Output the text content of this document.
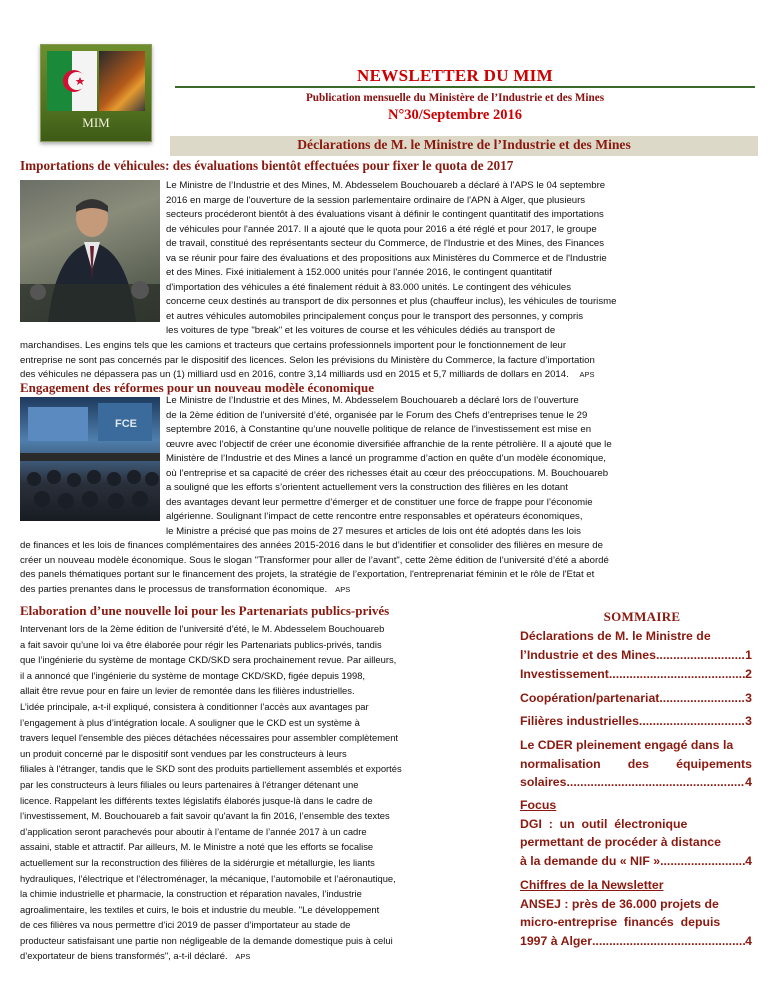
MIM
NEWSLETTER DU MIM
Publication mensuelle du Ministère de l’Industrie et des Mines
N°30/Septembre 2016
Déclarations de M. le Ministre de l’Industrie et des Mines
Importations de véhicules: des évaluations bientôt effectuées pour fixer le quota de 2017
Le Ministre de l’Industrie et des Mines, M. Abdesselem Bouchouareb a déclaré à l'APS le 04 septembre
2016 en marge de l'ouverture de la session parlementaire ordinaire de l'APN à Alger, que plusieurs
secteurs procéderont bientôt à des évaluations visant à définir le contingent quantitatif des importations
de véhicules pour l'année 2017. Il a ajouté que le quota pour 2016 a été réglé et pour 2017, le groupe
de travail, constitué des représentants secteur du Commerce, de l'Industrie et des Mines, des Finances
va se réunir pour faire des évaluations et des propositions aux Ministères du Commerce et de l'Industrie
et des Mines. Fixé initialement à 152.000 unités pour l'année 2016, le contingent quantitatif
d'importation des véhicules a été finalement réduit à 83.000 unités. Le contingent des véhicules
concerne ceux destinés au transport de dix personnes et plus (chauffeur inclus), les véhicules de tourisme
et autres véhicules automobiles principalement conçus pour le transport des personnes, y compris
les voitures de type "break" et les voitures de course et les véhicules dédiés au transport de
marchandises. Les engins tels que les camions et tracteurs que certains professionnels importent pour le fonctionnement de leur
entreprise ne sont pas concernés par le dispositif des licences. Selon les prévisions du Ministère du Commerce, la facture d’importation
des véhicules ne dépassera pas un (1) milliard usd en 2016, contre 3,14 milliards usd en 2015 et 5,7 milliards de dollars en 2014. APS
Engagement des réformes pour un nouveau modèle économique
FCE
Le Ministre de l’Industrie et des Mines, M. Abdesselem Bouchouareb a déclaré lors de l’ouverture
de la 2ème édition de l’université d’été, organisée par le Forum des Chefs d’entreprises tenue le 29
septembre 2016, à Constantine qu’une nouvelle politique de relance de l’investissement est mise en
œuvre avec l’objectif de créer une économie diversifiée affranchie de la rente pétrolière. Il a ajouté que le
Ministère de l’Industrie et des Mines a lancé un programme d’action en quête d’un modèle économique,
où l’entreprise et sa capacité de créer des richesses était au cœur des préoccupations. M. Bouchouareb
a souligné que les efforts s’orientent actuellement vers la construction des filières en les dotant
des avantages devant leur permettre d’émerger et de constituer une force de frappe pour l’économie
algérienne. Soulignant l’impact de cette rencontre entre responsables et opérateurs économiques,
le Ministre a précisé que pas moins de 27 mesures et articles de lois ont été adoptés dans les lois
de finances et les lois de finances complémentaires des années 2015-2016 dans le but d’identifier et consolider des filières en mesure de
créer un nouveau modèle économique. Sous le slogan "Transformer pour aller de l’avant", cette 2ème édition de l’université d’été a abordé
des panels thématiques portant sur le financement des projets, la stratégie de l’exportation, l'entreprenariat féminin et le rôle de l'Etat et
des parties prenantes dans le processus de transformation économique. APS
Elaboration d’une nouvelle loi pour les Partenariats publics-privés
Intervenant lors de la 2ème édition de l’université d’été, le M. Abdesselem Bouchouareb
a fait savoir qu’une loi va être élaborée pour régir les Partenariats publics-privés, tandis
que l’ingénierie du système de montage CKD/SKD sera prochainement revue. Par ailleurs,
il a annoncé que l’ingénierie du système de montage CKD/SKD, figée depuis 1998,
allait être revue pour en faire un levier de remontée dans les filières industrielles.
L’idée principale, a-t-il expliqué, consistera à conditionner l’accès aux avantages par
l’engagement à plus d’intégration locale. A souligner que le CKD est un système à
travers lequel l'ensemble des pièces détachées nécessaires pour assembler complètement
un produit concerné par le dispositif sont vendues par les constructeurs à leurs
filiales à l'étranger, tandis que le SKD sont des produits partiellement assemblés et exportés
par les constructeurs à leurs filiales ou leurs partenaires à l'étranger détenant une
licence. Rappelant les différents textes législatifs élaborés jusque-là dans le cadre de
l’investissement, M. Bouchouareb a fait savoir qu'avant la fin 2016, l’ensemble des textes
d’application seront parachevés pour aboutir à l’entame de l’année 2017 à un cadre
assaini, stable et attractif. Par ailleurs, M. le Ministre a noté que les efforts se focalise
actuellement sur la reconstruction des filières de la sidérurgie et métallurgie, les liants
hydrauliques, l’électrique et l’électroménager, la mécanique, l’automobile et l’aéronautique,
la chimie industrielle et pharmacie, la construction et réparation navales, l’industrie
agroalimentaire, les textiles et cuirs, le bois et industrie du meuble. "Le développement
de ces filières va nous permettre d’ici 2019 de passer d’importateur au stade de
producteur satisfaisant une partie non négligeable de la demande domestique puis à celui
d’exportateur de biens transformés", a-t-il déclaré. APS
SOMMAIRE
Déclarations de M. le Ministre de
l’Industrie et des Mines .....	1
Investissement .....	2
Coopération/partenariat .....	3
Filières industrielles .....	3
Le CDER pleinement engagé dans la
normalisation des équipements
solaires .....	4
Focus
DGI  :  un  outil  électronique
permettant de procéder à distance
à la demande du « NIF » .....	4
Chiffres de la Newsletter
ANSEJ : près de 36.000 projets de
micro-entreprise  financés  depuis
1997 à Alger .....	4
